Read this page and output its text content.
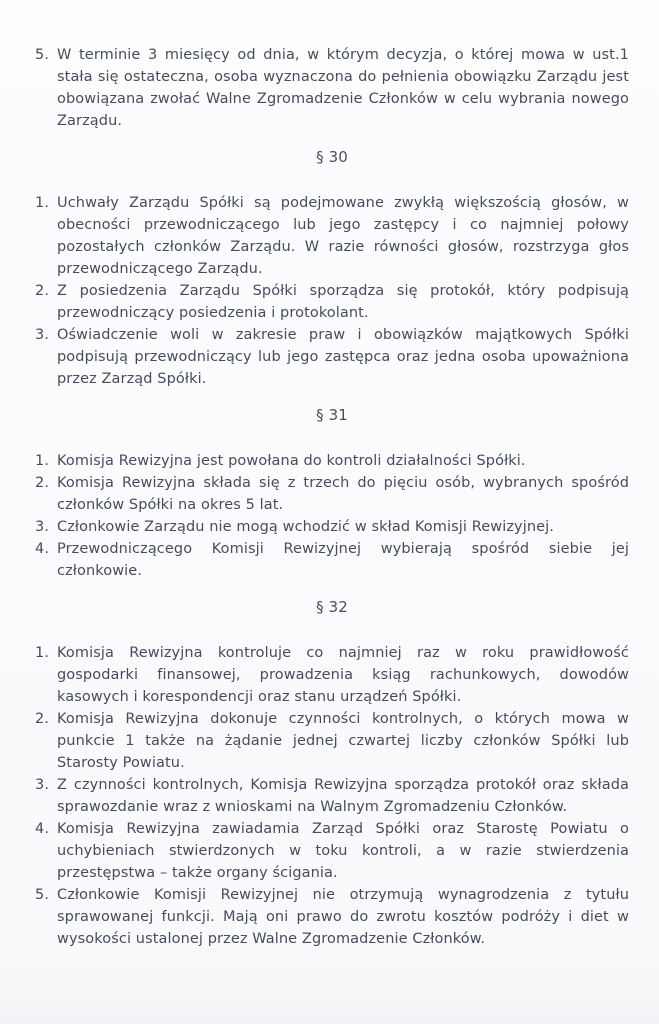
5. W terminie 3 miesięcy od dnia, w którym decyzja, o której mowa w ust.1 stała się ostateczna, osoba wyznaczona do pełnienia obowiązku Zarządu jest obowiązana zwołać Walne Zgromadzenie Członków w celu wybrania nowego Zarządu.
§ 30
1. Uchwały Zarządu Spółki są podejmowane zwykłą większością głosów, w obecności przewodniczącego lub jego zastępcy i co najmniej połowy pozostałych członków Zarządu. W razie równości głosów, rozstrzyga głos przewodniczącego Zarządu.
2. Z posiedzenia Zarządu Spółki sporządza się protokół, który podpisują przewodniczący posiedzenia i protokolant.
3. Oświadczenie woli w zakresie praw i obowiązków majątkowych Spółki podpisują przewodniczący lub jego zastępca oraz jedna osoba upoważniona przez Zarząd Spółki.
§ 31
1. Komisja Rewizyjna jest powołana do kontroli działalności Spółki.
2. Komisja Rewizyjna składa się z trzech do pięciu osób, wybranych spośród członków Spółki na okres 5 lat.
3. Członkowie Zarządu nie mogą wchodzić w skład Komisji Rewizyjnej.
4. Przewodniczącego Komisji Rewizyjnej wybierają spośród siebie jej członkowie.
§ 32
1. Komisja Rewizyjna kontroluje co najmniej raz w roku prawidłowość gospodarki finansowej, prowadzenia ksiąg rachunkowych, dowodów kasowych i korespondencji oraz stanu urządzeń Spółki.
2. Komisja Rewizyjna dokonuje czynności kontrolnych, o których mowa w punkcie 1 także na żądanie jednej czwartej liczby członków Spółki lub Starosty Powiatu.
3. Z czynności kontrolnych, Komisja Rewizyjna sporządza protokół oraz składa sprawozdanie wraz z wnioskami na Walnym Zgromadzeniu Członków.
4. Komisja Rewizyjna zawiadamia Zarząd Spółki oraz Starostę Powiatu o uchybieniach stwierdzonych w toku kontroli, a w razie stwierdzenia przestępstwa – także organy ścigania.
5. Członkowie Komisji Rewizyjnej nie otrzymują wynagrodzenia z tytułu sprawowanej funkcji. Mają oni prawo do zwrotu kosztów podróży i diet w wysokości ustalonej przez Walne Zgromadzenie Członków.
